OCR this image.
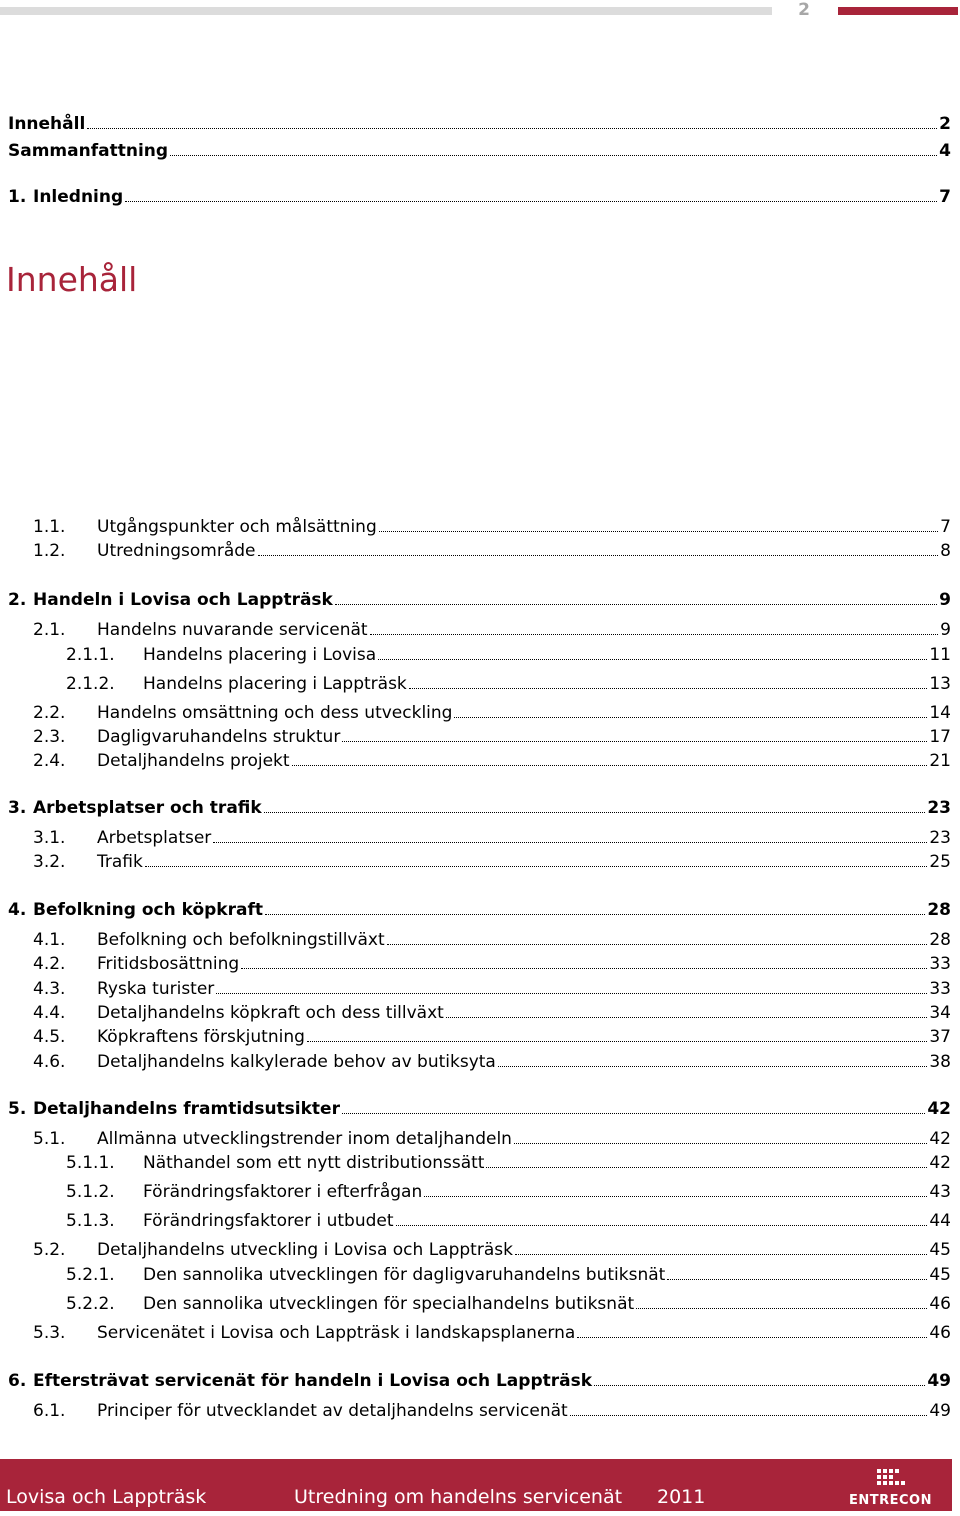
2
Innehåll
Innehåll	2
Sammanfattning	4
1. Inledning	7
1.1. Utgångspunkter och målsättning	7
1.2. Utredningsområde	8
2. Handeln i Lovisa och Lappträsk	9
2.1. Handelns nuvarande servicenät	9
2.1.1. Handelns placering i Lovisa	11
2.1.2. Handelns placering i Lappträsk	13
2.2. Handelns omsättning och dess utveckling	14
2.3. Dagligvaruhandelns struktur	17
2.4. Detaljhandelns projekt	21
3. Arbetsplatser och trafik	23
3.1. Arbetsplatser	23
3.2. Trafik	25
4. Befolkning och köpkraft	28
4.1. Befolkning och befolkningstillväxt	28
4.2. Fritidsbosättning	33
4.3. Ryska turister	33
4.4. Detaljhandelns köpkraft och dess tillväxt	34
4.5. Köpkraftens förskjutning	37
4.6. Detaljhandelns kalkylerade behov av butiksyta	38
5. Detaljhandelns framtidsutsikter	42
5.1. Allmänna utvecklingstrender inom detaljhandeln	42
5.1.1. Näthandel som ett nytt distributionssätt	42
5.1.2. Förändringsfaktorer i efterfrågan	43
5.1.3. Förändringsfaktorer i utbudet	44
5.2. Detaljhandelns utveckling i Lovisa och Lappträsk	45
5.2.1. Den sannolika utvecklingen för dagligvaruhandelns butiksnät	45
5.2.2. Den sannolika utvecklingen för specialhandelns butiksnät	46
5.3. Servicenätet i Lovisa och Lappträsk i landskapsplanerna	46
6. Eftersträvat servicenät för handeln i Lovisa och Lappträsk	49
6.1. Principer för utvecklandet av detaljhandelns servicenät	49
Lovisa och Lappträsk	Utredning om handelns servicenät 2011	ENTRECON
